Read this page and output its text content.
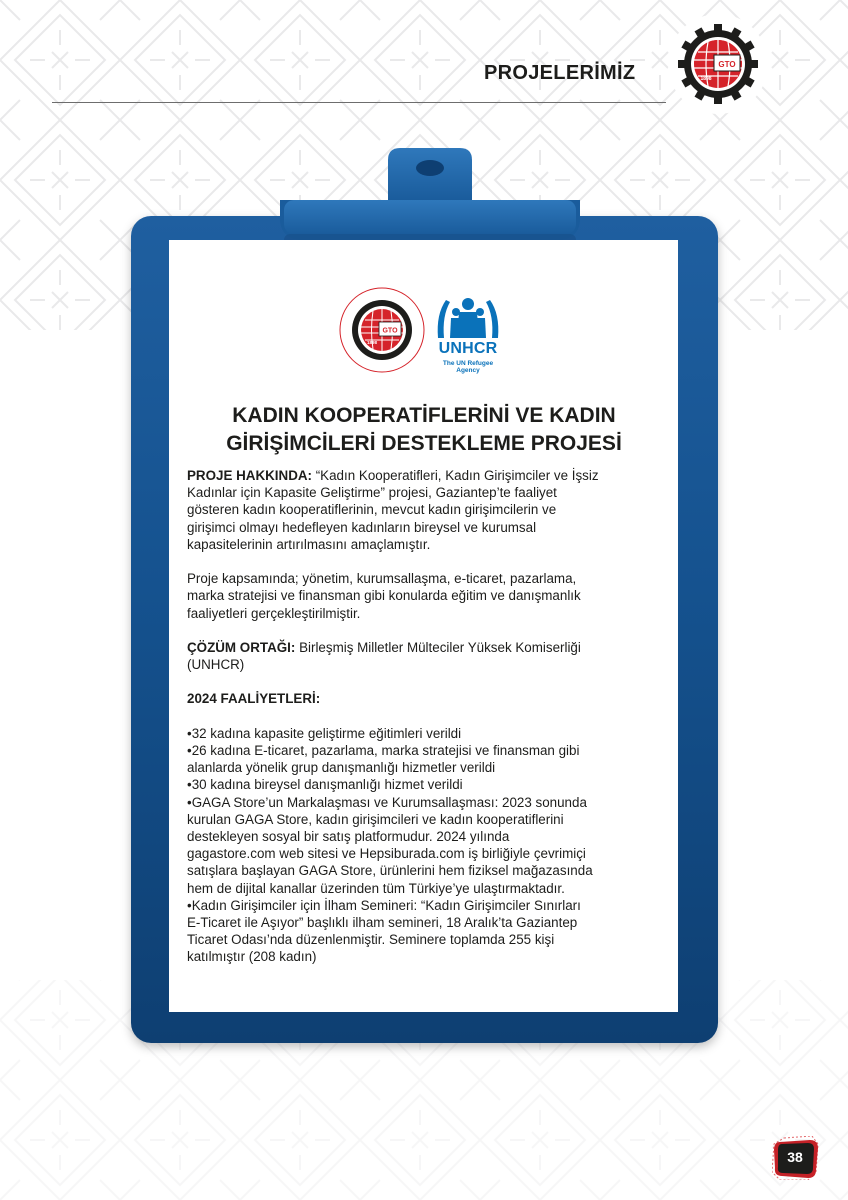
PROJELERİMİZ	GTO
1898
GTO
1898	UNHCR
The UN Refugee Agency
KADIN KOOPERATİFLERİNİ VE KADIN
GİRİŞİMCİLERİ DESTEKLEME PROJESİ
PROJE HAKKINDA: “Kadın Kooperatifleri, Kadın Girişimciler ve İşsiz
Kadınlar için Kapasite Geliştirme” projesi, Gaziantep’te faaliyet
gösteren kadın kooperatiflerinin, mevcut kadın girişimcilerin ve
girişimci olmayı hedefleyen kadınların bireysel ve kurumsal
kapasitelerinin artırılmasını amaçlamıştır.
Proje kapsamında; yönetim, kurumsallaşma, e-ticaret, pazarlama,
marka stratejisi ve finansman gibi konularda eğitim ve danışmanlık
faaliyetleri gerçekleştirilmiştir.
ÇÖZÜM ORTAĞI: Birleşmiş Milletler Mülteciler Yüksek Komiserliği
(UNHCR)
2024 FAALİYETLERİ:
•32 kadına kapasite geliştirme eğitimleri verildi
•26 kadına E-ticaret, pazarlama, marka stratejisi ve finansman gibi
alanlarda yönelik grup danışmanlığı hizmetler verildi
•30 kadına bireysel danışmanlığı hizmet verildi
•GAGA Store’un Markalaşması ve Kurumsallaşması: 2023 sonunda
kurulan GAGA Store, kadın girişimcileri ve kadın kooperatiflerini
destekleyen sosyal bir satış platformudur. 2024 yılında
gagastore.com web sitesi ve Hepsiburada.com iş birliğiyle çevrimiçi
satışlara başlayan GAGA Store, ürünlerini hem fiziksel mağazasında
hem de dijital kanallar üzerinden tüm Türkiye’ye ulaştırmaktadır.
•Kadın Girişimciler için İlham Semineri: “Kadın Girişimciler Sınırları
E-Ticaret ile Aşıyor” başlıklı ilham semineri, 18 Aralık’ta Gaziantep
Ticaret Odası’nda düzenlenmiştir. Seminere toplamda 255 kişi
katılmıştır (208 kadın)
38
